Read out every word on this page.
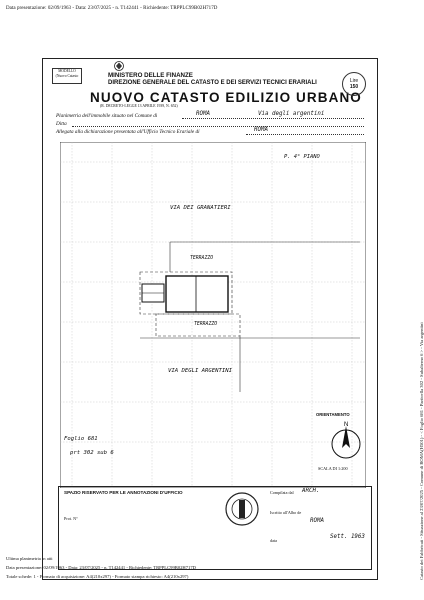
Data presentazione: 02/09/1963 - Data: 23/07/2025 - n. T142441 - Richiedente: TRPPLC99B02H717D
Catasto dei Fabbricati - Situazione al 23/07/2025 - Comune di ROMA(H501) - < Foglio 681 - Particella 302 - Subalterno 6 > - Via argentini
MODELLO
(Nuovo Catasto	MINISTERO DELLE FINANZE
DIREZIONE GENERALE DEL CATASTO E DEI SERVIZI TECNICI ERARIALI
NUOVO CATASTO EDILIZIO URBANO
(R. DECRETO-LEGGE 13 APRILE 1939, N. 652)
Lire
150
Planimetria dell'immobile situato nel Comune di	ROMA	Via degli argentini
Ditta
Allegata alla dichiarazione presentata all'Ufficio Tecnico Erariale di	ROMA
P. 4° PIANO
VIA DEI GRANATIERI
TERRAZZO
TERRAZZO
VIA DEGLI ARGENTINI
Foglio 681
prt 302 sub 6
ORIENTAMENTO
N
SCALA DI 1:200
SPAZIO RISERVATO PER LE ANNOTAZIONI D'UFFICIO
Prot. N°
Compilata dal ARCH.
Iscritto all'Albo de
ROMA
data
Sett. 1963
Ultima planimetria in atti
Data presentazione: 02/09/1963 - Data: 23/07/2025 - n. T142441 - Richiedente: TRPPLC99B02H717D
Totale schede: 1 - Formato di acquisizione: A4(210x297) - Formato stampa richiesto: A4(210x297)
